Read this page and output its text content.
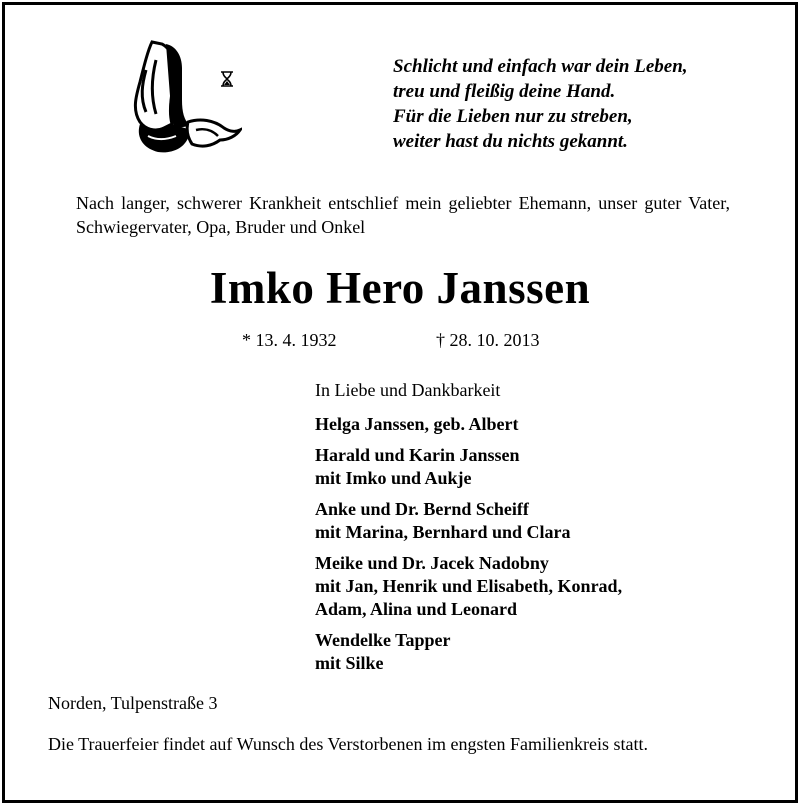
Schlicht und einfach war dein Leben,
treu und fleißig deine Hand.
Für die Lieben nur zu streben,
weiter hast du nichts gekannt.
Nach langer, schwerer Krankheit entschlief mein geliebter Ehemann, unser guter Vater, Schwiegervater, Opa, Bruder und Onkel
Imko Hero Janssen
* 13. 4. 1932	† 28. 10. 2013
In Liebe und Dankbarkeit
Helga Janssen, geb. Albert
Harald und Karin Janssen
mit Imko und Aukje
Anke und Dr. Bernd Scheiff
mit Marina, Bernhard und Clara
Meike und Dr. Jacek Nadobny
mit Jan, Henrik und Elisabeth, Konrad,
Adam, Alina und Leonard
Wendelke Tapper
mit Silke
Norden, Tulpenstraße 3
Die Trauerfeier findet auf Wunsch des Verstorbenen im engsten Familienkreis statt.
